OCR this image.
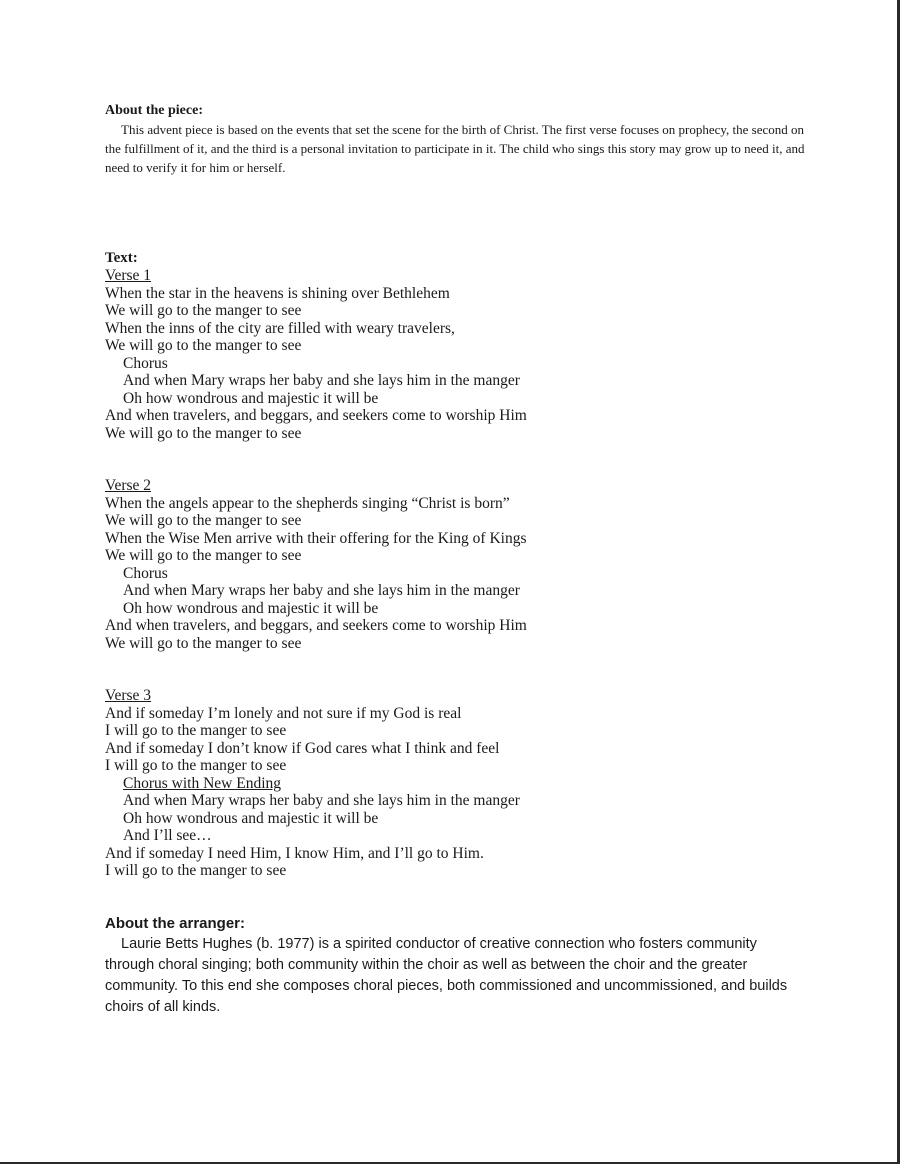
About the piece:

This advent piece is based on the events that set the scene for the birth of Christ. The first verse focuses on prophecy, the second on the fulfillment of it, and the third is a personal invitation to participate in it. The child who sings this story may grow up to need it, and need to verify it for him or herself.

Text:

Verse 1

When the star in the heavens is shining over Bethlehem

We will go to the manger to see

When the inns of the city are filled with weary travelers,

We will go to the manger to see

Chorus

And when Mary wraps her baby and she lays him in the manger

Oh how wondrous and majestic it will be

And when travelers, and beggars, and seekers come to worship Him

We will go to the manger to see

Verse 2

When the angels appear to the shepherds singing “Christ is born”

We will go to the manger to see

When the Wise Men arrive with their offering for the King of Kings

We will go to the manger to see

Chorus

And when Mary wraps her baby and she lays him in the manger

Oh how wondrous and majestic it will be

And when travelers, and beggars, and seekers come to worship Him

We will go to the manger to see

Verse 3

And if someday I’m lonely and not sure if my God is real

I will go to the manger to see

And if someday I don’t know if God cares what I think and feel

I will go to the manger to see

Chorus with New Ending

And when Mary wraps her baby and she lays him in the manger

Oh how wondrous and majestic it will be

And I’ll see…

And if someday I need Him, I know Him, and I’ll go to Him.

I will go to the manger to see

About the arranger:

Laurie Betts Hughes (b. 1977) is a spirited conductor of creative connection who fosters community through choral singing; both community within the choir as well as between the choir and the greater community. To this end she composes choral pieces, both commissioned and uncommissioned, and builds choirs of all kinds.
